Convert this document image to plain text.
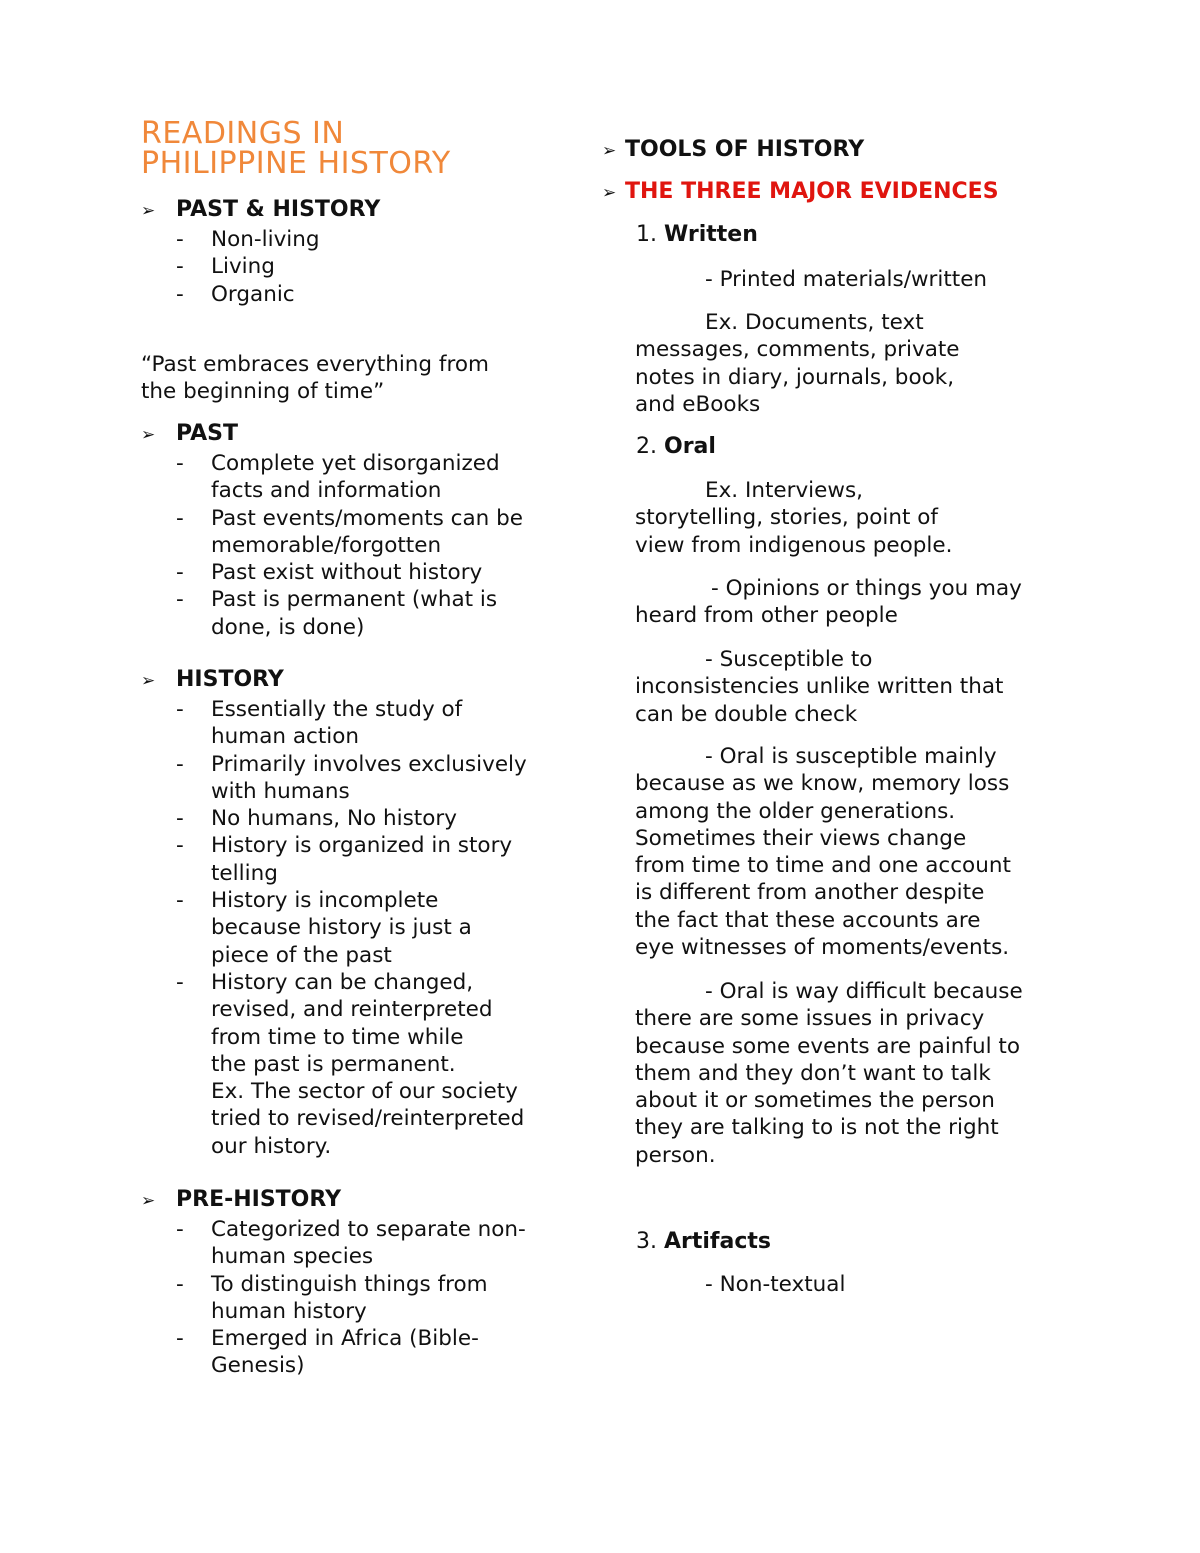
READINGS IN
PHILIPPINE HISTORY
➢ PAST & HISTORY
- Non-living
- Living
- Organic
“Past embraces everything from
the beginning of time”
➢ PAST
- Complete yet disorganized
facts and information
- Past events/moments can be
memorable/forgotten
- Past exist without history
- Past is permanent (what is
done, is done)
➢ HISTORY
- Essentially the study of
human action
- Primarily involves exclusively
with humans
- No humans, No history
- History is organized in story
telling
- History is incomplete
because history is just a
piece of the past
- History can be changed,
revised, and reinterpreted
from time to time while
the past is permanent.
Ex. The sector of our society
tried to revised/reinterpreted
our history.
➢ PRE-HISTORY
- Categorized to separate non-
human species
- To distinguish things from
human history
- Emerged in Africa (Bible-
Genesis)
➢ TOOLS OF HISTORY
➢ THE THREE MAJOR EVIDENCES
1. Written
- Printed materials/written
Ex. Documents, text
messages, comments, private
notes in diary, journals, book,
and eBooks
2. Oral
Ex. Interviews,
storytelling, stories, point of
view from indigenous people.
- Opinions or things you may
heard from other people
- Susceptible to
inconsistencies unlike written that
can be double check
- Oral is susceptible mainly
because as we know, memory loss
among the older generations.
Sometimes their views change
from time to time and one account
is different from another despite
the fact that these accounts are
eye witnesses of moments/events.
- Oral is way difficult because
there are some issues in privacy
because some events are painful to
them and they don’t want to talk
about it or sometimes the person
they are talking to is not the right
person.
3. Artifacts
- Non-textual
